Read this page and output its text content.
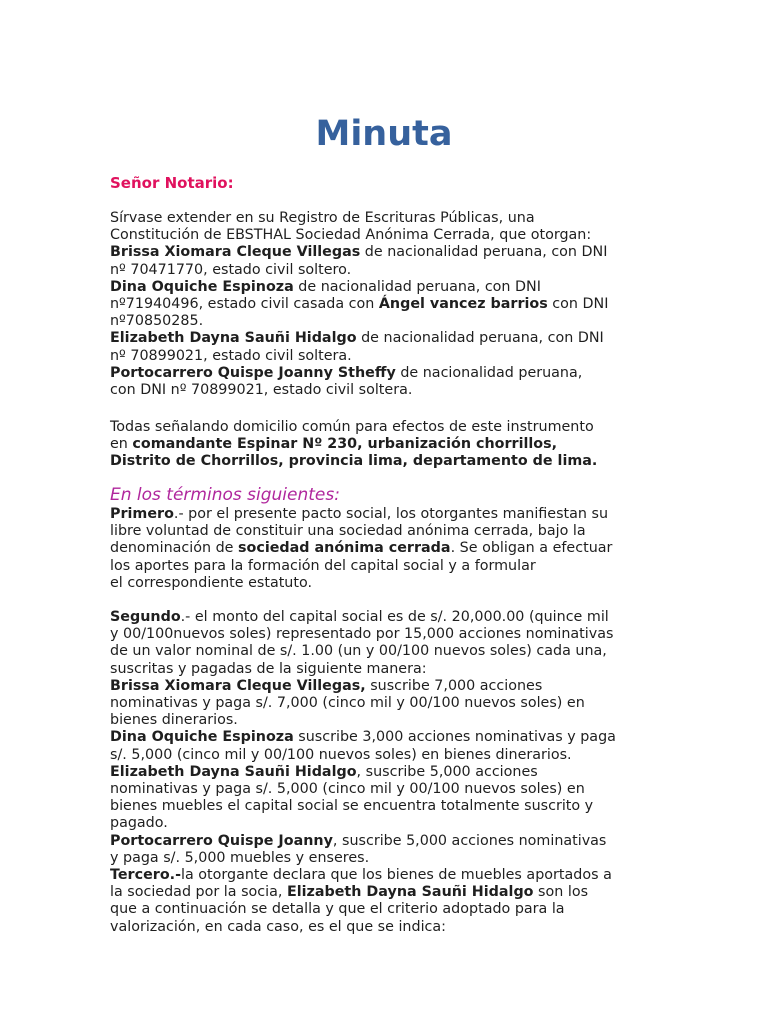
Minuta

Señor Notario:

Sírvase extender en su Registro de Escrituras Públicas, una

Constitución de EBSTHAL Sociedad Anónima Cerrada, que otorgan:

Brissa Xiomara Cleque Villegas de nacionalidad peruana, con DNI

nº 70471770, estado civil soltero.

Dina Oquiche Espinoza de nacionalidad peruana, con DNI

nº71940496, estado civil casada con Ángel vancez barrios con DNI

nº70850285.

Elizabeth Dayna Sauñi Hidalgo de nacionalidad peruana, con DNI

nº 70899021, estado civil soltera.

Portocarrero Quispe Joanny Stheffy de nacionalidad peruana,

con DNI nº 70899021, estado civil soltera.

Todas señalando domicilio común para efectos de este instrumento

en comandante Espinar Nº 230, urbanización chorrillos,

Distrito de Chorrillos, provincia lima, departamento de lima.

En los términos siguientes:

Primero.- por el presente pacto social, los otorgantes manifiestan su

libre voluntad de constituir una sociedad anónima cerrada, bajo la

denominación de sociedad anónima cerrada. Se obligan a efectuar

los aportes para la formación del capital social y a formular

el correspondiente estatuto.

Segundo.- el monto del capital social es de s/. 20,000.00 (quince mil

y 00/100nuevos soles) representado por 15,000 acciones nominativas

de un valor nominal de s/. 1.00 (un y 00/100 nuevos soles) cada una,

suscritas y pagadas de la siguiente manera:

Brissa Xiomara Cleque Villegas, suscribe 7,000 acciones

nominativas y paga s/. 7,000 (cinco mil y 00/100 nuevos soles) en

bienes dinerarios.

Dina Oquiche Espinoza suscribe 3,000 acciones nominativas y paga

s/. 5,000 (cinco mil y 00/100 nuevos soles) en bienes dinerarios.

Elizabeth Dayna Sauñi Hidalgo, suscribe 5,000 acciones

nominativas y paga s/. 5,000 (cinco mil y 00/100 nuevos soles) en

bienes muebles el capital social se encuentra totalmente suscrito y

pagado.

Portocarrero Quispe Joanny, suscribe 5,000 acciones nominativas

y paga s/. 5,000 muebles y enseres.

Tercero.-la otorgante declara que los bienes de muebles aportados a

la sociedad por la socia, Elizabeth Dayna Sauñi Hidalgo son los

que a continuación se detalla y que el criterio adoptado para la

valorización, en cada caso, es el que se indica:
